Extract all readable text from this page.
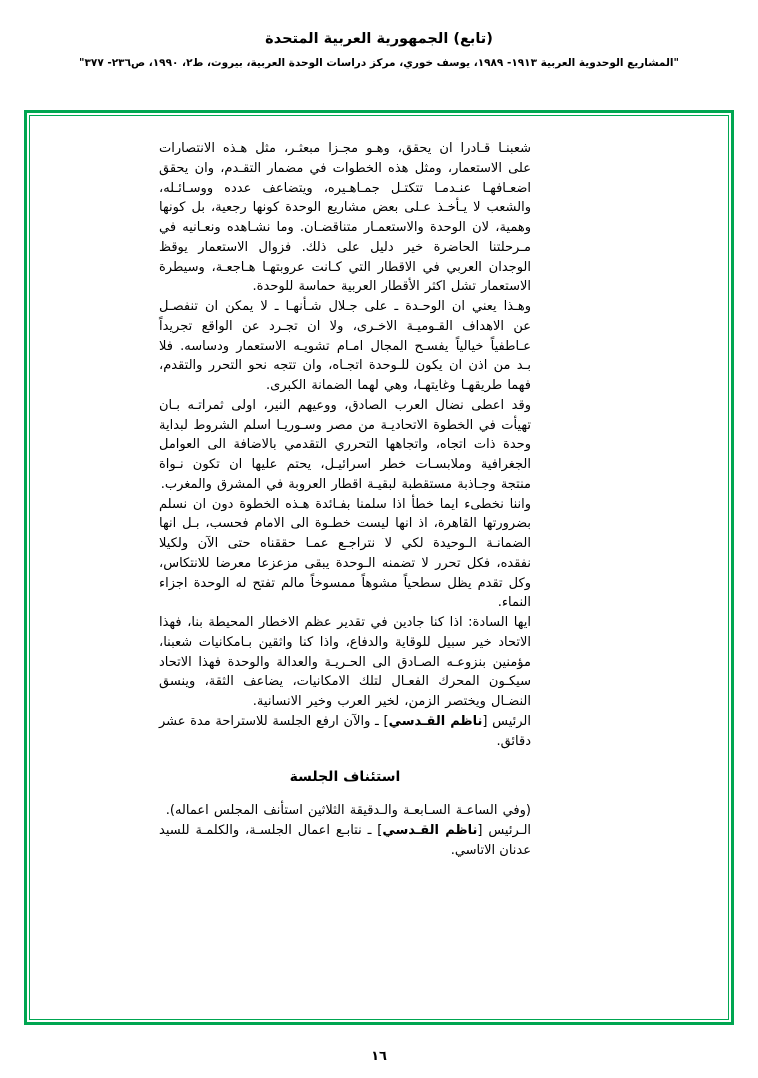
(تابع) الجمهورية العربية المتحدة
"المشاريع الوحدوية العربية ١٩١٣- ١٩٨٩، يوسف خوري، مركز دراسات الوحدة العربية، بيروت، ط٢، ١٩٩٠، ص٢٣٦- ٣٧٧"

شعبنـا قـادرا ان يحقق، وهـو مجـزا مبعثـر، مثل هـذه الانتصارات على الاستعمار، ومثل هذه الخطوات في مضمار التقـدم، وان يحقق اضعـافهـا عنـدمـا تتكتـل جمـاهـيره، ويتضاعف عدده ووسـائـله، والشعب لا يـأخـذ عـلى بعض مشاريع الوحدة كونها رجعية، بل كونها وهمية، لان الوحدة والاستعمـار متناقضـان. وما نشـاهده ونعـانيه في مـرحلتنا الحاضرة خير دليل على ذلك. فزوال الاستعمار يوقظ الوجدان العربي في الاقطار التي كـانت عروبتهـا هـاجعـة، وسيطرة الاستعمار تشل اكثر الأقطار العربية حماسة للوحدة.

وهـذا يعني ان الوحـدة ـ على جـلال شـأنهـا ـ لا يمكن ان تنفصـل عن الاهداف القـوميـة الاخـرى، ولا ان تجـرد عن الواقع تجريداً عـاطفياً خيالياً يفسـح المجال امـام تشويـه الاستعمار ودساسه. فلا بـد من اذن ان يكون للـوحدة اتجـاه، وان تتجه نحو التحرر والتقدم، فهما طريقهـا وغايتهـا، وهي لهما الضمانة الكبرى.

وقد اعطى نضال العرب الصادق، ووعيهم النير، اولى ثمراتـه بـان تهيأت في الخطوة الاتحاديـة من مصر وسـوريـا اسلم الشروط لبداية وحدة ذات اتجاه، واتجاهها التحرري التقدمي بالاضافة الى العوامل الجغرافية وملابسـات خطر اسرائيـل، يحتم عليها ان تكون نـواة منتجة وجـاذبة مستقطبة لبقيـة اقطار العروبة في المشرق والمغرب.

واننا نخطىء ايما خطأ اذا سلمنا بفـائدة هـذه الخطوة دون ان نسلم بضرورتها القاهرة، اذ انها ليست خطـوة الى الامام فحسب، بـل انها الضمانـة الـوحيدة لكي لا نتراجـع عمـا حققناه حتى الآن ولكيلا نفقده، فكل تحرر لا تضمنه الـوحدة يبقى مزعزعا معرضا للانتكاس، وكل تقدم يظل سطحياً مشوهاً ممسوخاً مالم تفتح له الوحدة اجزاء النماء.

ايها السادة: اذا كنا جادين في تقدير عظم الاخطار المحيطة بنا، فهذا الاتحاد خير سبيل للوقاية والدفاع، واذا كنا واثقين بـامكانيات شعبنا، مؤمنين بنزوعـه الصـادق الى الحـريـة والعدالة والوحدة فهذا الاتحاد سيكـون المحرك الفعـال لتلك الامكانيات، يضاعف الثقة، وينسق النضـال ويختصر الزمن، لخير العرب وخير الانسانية.

الرئيس [ناظم القـدسي] ـ والآن ارفع الجلسة للاستراحة مدة عشر دقائق.

استئناف الجلسة

(وفي الساعـة السـابعـة والـدقيقة الثلاثين استأنف المجلس اعماله).

الـرئيس [ناظم القـدسي] ـ نتابـع اعمال الجلسـة، والكلمـة للسيد عدنان الاتاسي.

١٦
